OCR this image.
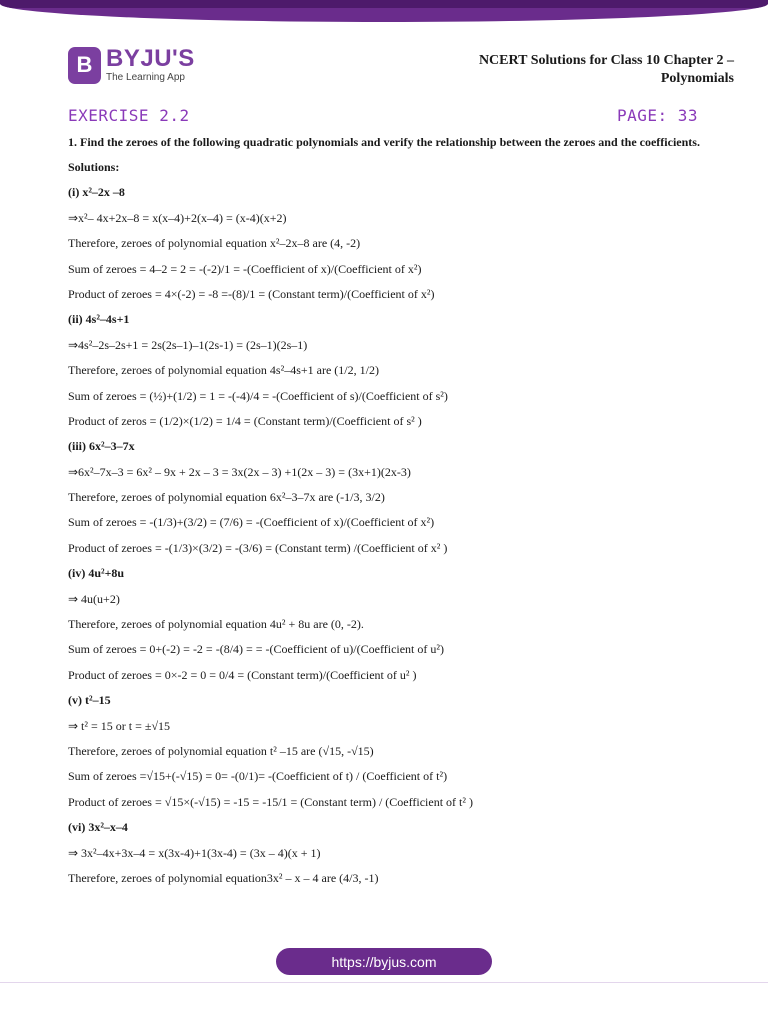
B BYJU'S
The Learning App
NCERT Solutions for Class 10 Chapter 2 –
Polynomials
EXERCISE 2.2	PAGE: 33

1. Find the zeroes of the following quadratic polynomials and verify the relationship between the zeroes and the coefficients.

Solutions:
(i) x²–2x –8
⇒x²– 4x+2x–8 = x(x–4)+2(x–4) = (x-4)(x+2)
Therefore, zeroes of polynomial equation x²–2x–8 are (4, -2)
Sum of zeroes = 4–2 = 2 = -(-2)/1 = -(Coefficient of x)/(Coefficient of x²)
Product of zeroes = 4×(-2) = -8 =-(8)/1 = (Constant term)/(Coefficient of x²)
(ii) 4s²–4s+1
⇒4s²–2s–2s+1 = 2s(2s–1)–1(2s-1) = (2s–1)(2s–1)
Therefore, zeroes of polynomial equation 4s²–4s+1 are (1/2, 1/2)
Sum of zeroes = (½)+(1/2) = 1 = -(-4)/4 = -(Coefficient of s)/(Coefficient of s²)
Product of zeros = (1/2)×(1/2) = 1/4 = (Constant term)/(Coefficient of s² )
(iii) 6x²–3–7x
⇒6x²–7x–3 = 6x² – 9x + 2x – 3 = 3x(2x – 3) +1(2x – 3) = (3x+1)(2x-3)
Therefore, zeroes of polynomial equation 6x²–3–7x are (-1/3, 3/2)
Sum of zeroes = -(1/3)+(3/2) = (7/6) = -(Coefficient of x)/(Coefficient of x²)
Product of zeroes = -(1/3)×(3/2) = -(3/6) = (Constant term) /(Coefficient of x² )
(iv) 4u²+8u
⇒ 4u(u+2)
Therefore, zeroes of polynomial equation 4u² + 8u are (0, -2).
Sum of zeroes = 0+(-2) = -2 = -(8/4) = = -(Coefficient of u)/(Coefficient of u²)
Product of zeroes = 0×-2 = 0 = 0/4 = (Constant term)/(Coefficient of u² )
(v) t²–15
⇒ t² = 15 or t = ±√15
Therefore, zeroes of polynomial equation t² –15 are (√15, -√15)
Sum of zeroes =√15+(-√15) = 0= -(0/1)= -(Coefficient of t) / (Coefficient of t²)
Product of zeroes = √15×(-√15) = -15 = -15/1 = (Constant term) / (Coefficient of t² )
(vi) 3x²–x–4
⇒ 3x²–4x+3x–4 = x(3x-4)+1(3x-4) = (3x – 4)(x + 1)
Therefore, zeroes of polynomial equation3x² – x – 4 are (4/3, -1)
https://byjus.com
